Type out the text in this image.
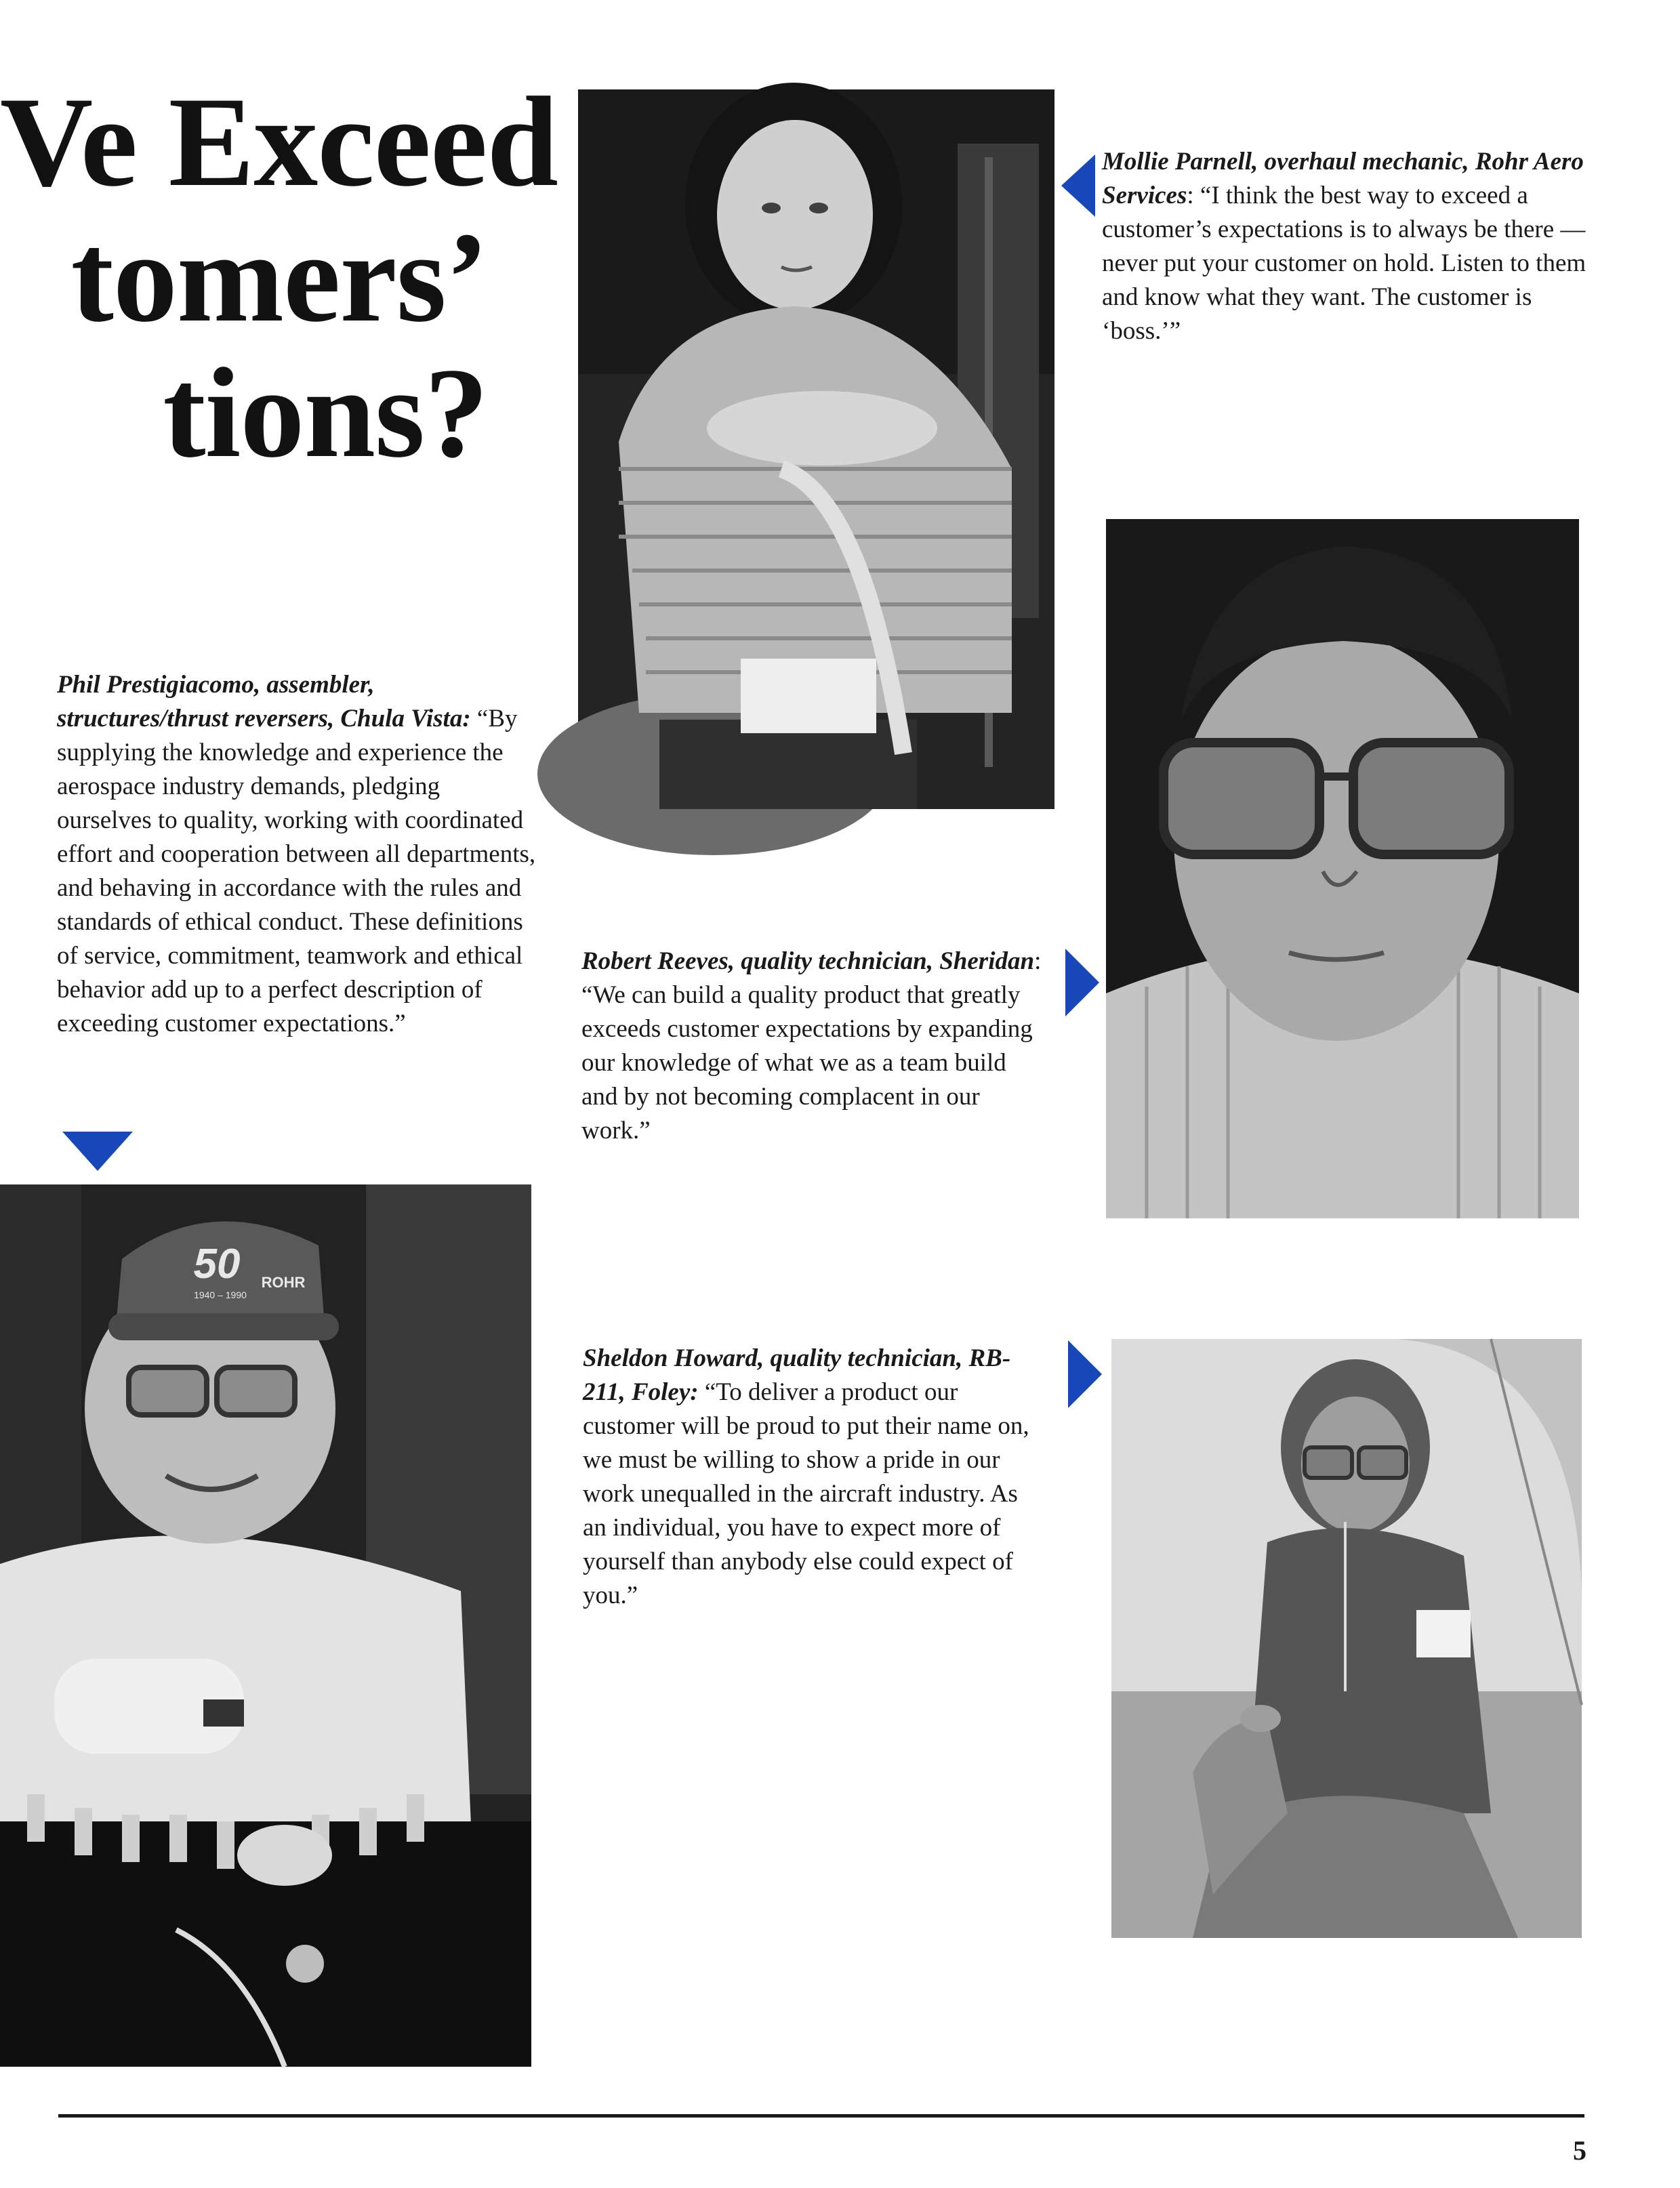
Ve Exceed
tomers’
tions?
Mollie Parnell, overhaul mechanic, Rohr Aero Services: “I think the best way to exceed a customer’s expectations is to always be there — never put your customer on hold. Listen to them and know what they want. The customer is ‘boss.’”
Robert Reeves, quality technician, Sheridan: “We can build a quality product that greatly exceeds customer expectations by expanding our knowledge of what we as a team build and by not becoming complacent in our work.”
Phil Prestigiacomo, assembler, structures/thrust reversers, Chula Vista: “By supplying the knowledge and experience the aerospace industry demands, pledging ourselves to quality, working with coordinated effort and cooperation between all departments, and behaving in accordance with the rules and standards of ethical conduct. These definitions of service, commitment, teamwork and ethical behavior add up to a perfect description of exceeding customer expectations.”
50
1940 – 1990
ROHR
Sheldon Howard, quality technician, RB-211, Foley: “To deliver a product our customer will be proud to put their name on, we must be willing to show a pride in our work unequalled in the aircraft industry. As an individual, you have to expect more of yourself than anybody else could expect of you.”
5
